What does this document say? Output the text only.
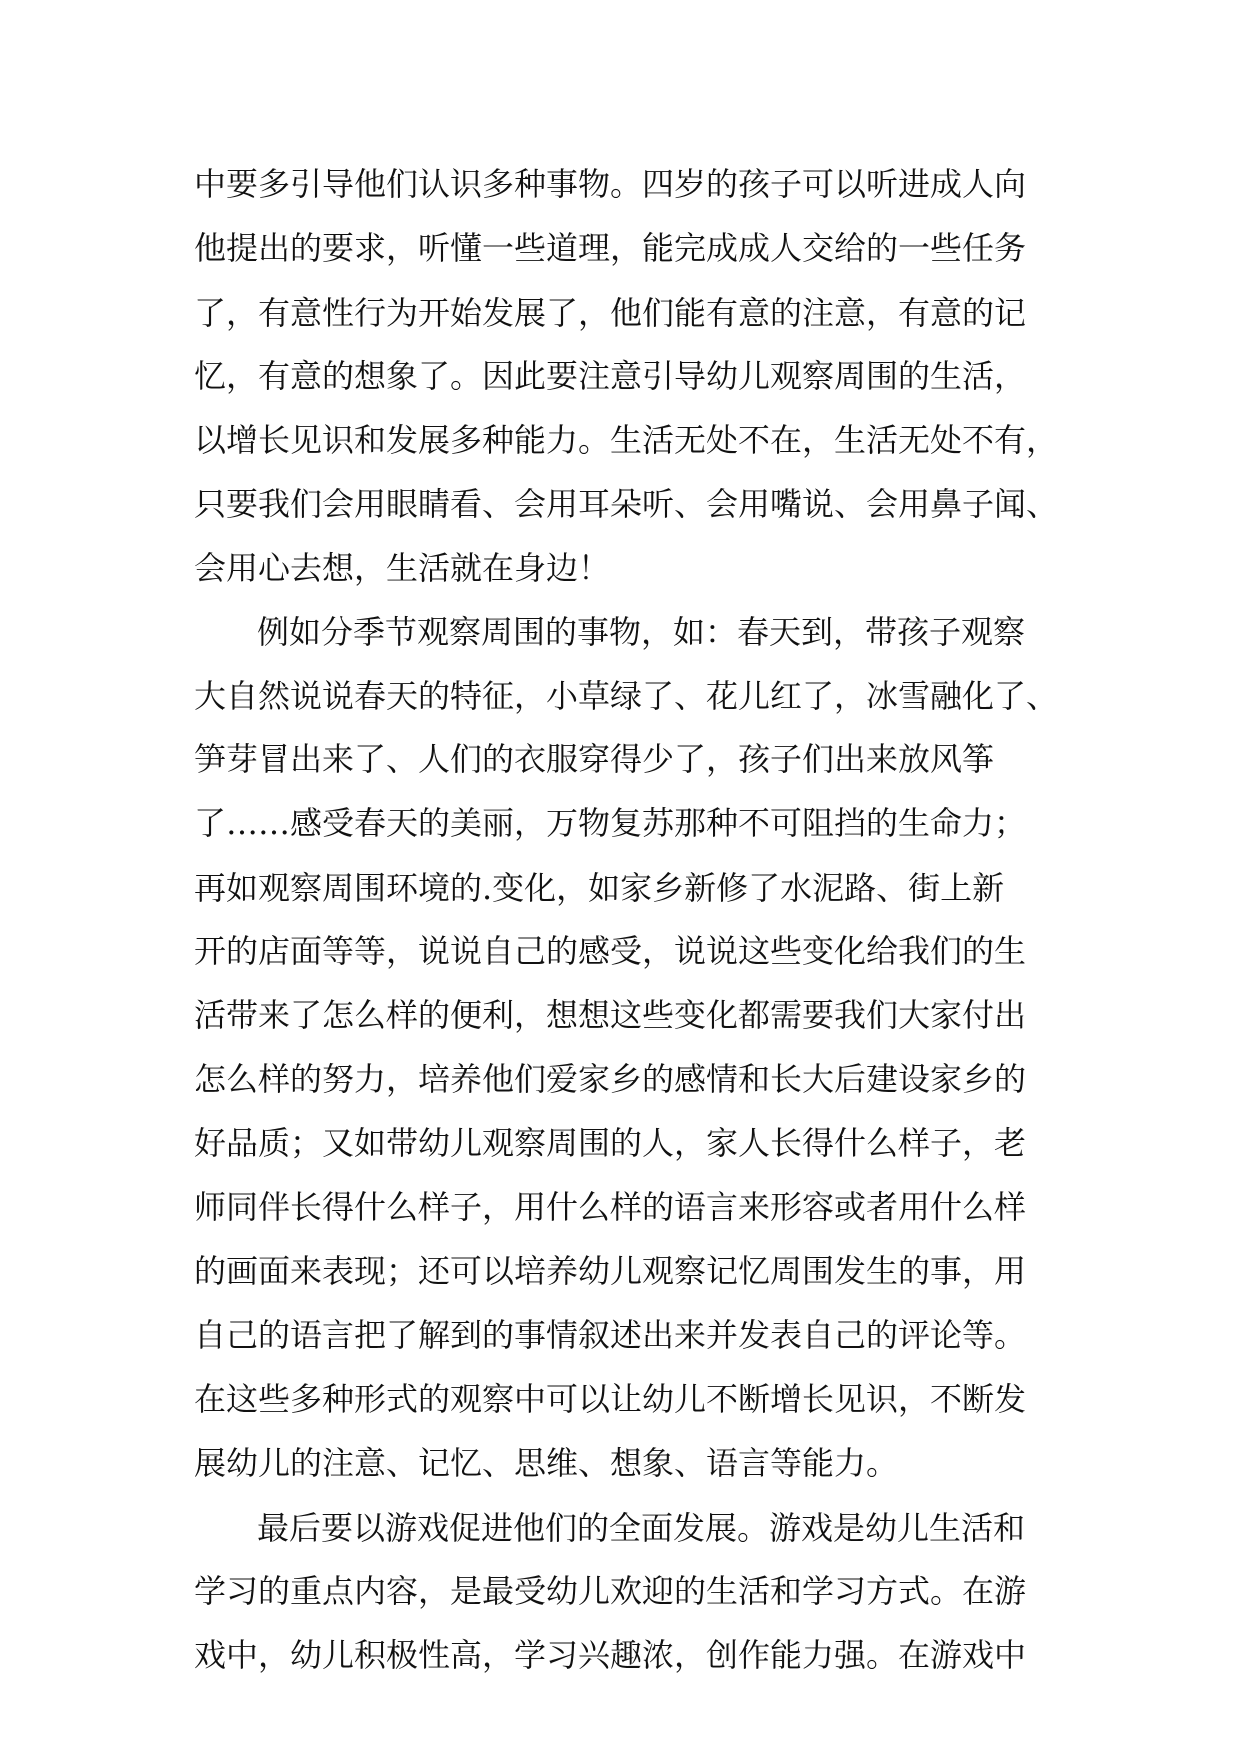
中要多引导他们认识多种事物。四岁的孩子可以听进成人向
他提出的要求，听懂一些道理，能完成成人交给的一些任务
了，有意性行为开始发展了，他们能有意的注意，有意的记
忆，有意的想象了。因此要注意引导幼儿观察周围的生活，
以增长见识和发展多种能力。生活无处不在，生活无处不有，
只要我们会用眼睛看、会用耳朵听、会用嘴说、会用鼻子闻、
会用心去想，生活就在身边！
例如分季节观察周围的事物，如：春天到，带孩子观察
大自然说说春天的特征，小草绿了、花儿红了，冰雪融化了、
笋芽冒出来了、人们的衣服穿得少了，孩子们出来放风筝
了……感受春天的美丽，万物复苏那种不可阻挡的生命力；
再如观察周围环境的.变化，如家乡新修了水泥路、街上新
开的店面等等，说说自己的感受，说说这些变化给我们的生
活带来了怎么样的便利，想想这些变化都需要我们大家付出
怎么样的努力，培养他们爱家乡的感情和长大后建设家乡的
好品质；又如带幼儿观察周围的人，家人长得什么样子，老
师同伴长得什么样子，用什么样的语言来形容或者用什么样
的画面来表现；还可以培养幼儿观察记忆周围发生的事，用
自己的语言把了解到的事情叙述出来并发表自己的评论等。
在这些多种形式的观察中可以让幼儿不断增长见识，不断发
展幼儿的注意、记忆、思维、想象、语言等能力。
最后要以游戏促进他们的全面发展。游戏是幼儿生活和
学习的重点内容，是最受幼儿欢迎的生活和学习方式。在游
戏中，幼儿积极性高，学习兴趣浓，创作能力强。在游戏中
